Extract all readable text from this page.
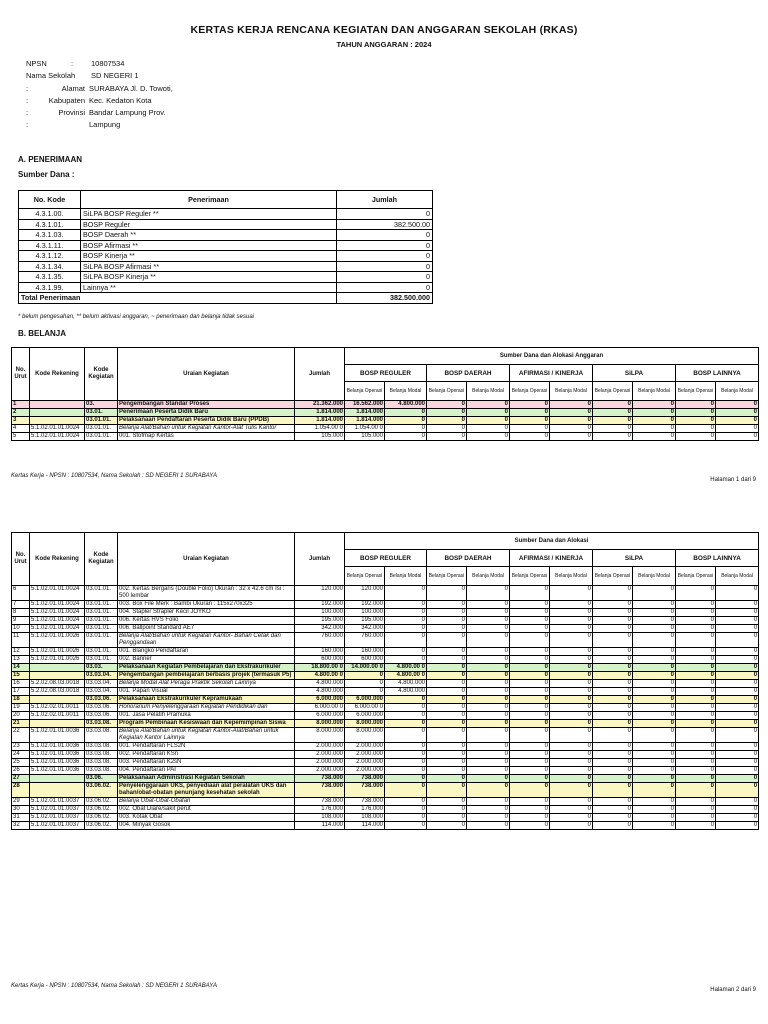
KERTAS KERJA RENCANA KEGIATAN DAN ANGGARAN SEKOLAH (RKAS)
TAHUN ANGGARAN : 2024
NPSN	:	10807534
Nama Sekolah	SD NEGERI 1
:	Alamat SURABAYA Jl. D. Towoti,
:	Kabupaten Kec. Kedaton Kota
:	Provinsi Bandar Lampung Prov.
:	Lampung
A. PENERIMAAN
Sumber Dana :
No. Kode	Penerimaan	Jumlah
4.3.1.00.	SiLPA BOSP Reguler **	0
4.3.1.01.	BOSP Reguler	382.500.00
4.3.1.03.	BOSP Daerah **	0
4.3.1.11.	BOSP Afirmasi **	0
4.3.1.12.	BOSP Kinerja **	0
4.3.1.34.	SiLPA BOSP Afirmasi **	0
4.3.1.35.	SiLPA BOSP Kinerja **	0
4.3.1.99.	Lainnya **	0
Total Penerimaan		382.500.000
* belum pengesahan, ** belum aktivasi anggaran, ~ penerimaan dan belanja tidak sesuai
B. BELANJA
No. Urut	Kode Rekening	Kode Kegiatan	Uraian Kegiatan	Jumlah	Sumber Dana dan Alokasi Anggaran									
					BOSP REGULER		BOSP DAERAH		AFIRMASI / KINERJA		SiLPA		BOSP LAINNYA	
					Belanja Operasi	Belanja Modal	Belanja Operasi	Belanja Modal	Belanja Operasi	Belanja Modal	Belanja Operasi	Belanja Modal	Belanja Operasi	Belanja Modal
1		03.	Pengembangan Standar Proses	21.362.000	16.562.000	4.800.000	0	0	0	0	0	0	0	0
2		03.01.	Penerimaan Peserta Didik Baru	1.814.000	1.814.000	0	0	0	0	0	0	0	0	0
3		03.01.01.	Pelaksanaan Pendaftaran Peserta Didik Baru (PPDB)	1.814.000	1.814.000	0	0	0	0	0	0	0	0	0
4	5.1.02.01.01.0024	03.01.01.	Belanja Alat/Bahan untuk Kegiatan Kantor-Alat Tulis Kantor	1.054.00 0	1.054.00 0	0	0	0	0	0	0	0	0	0
5	5.1.02.01.01.0024	03.01.01.	001. Stofmap Kertas	105.000	105.000	0	0	0	0	0	0	0	0	0
Kertas Kerja - NPSN : 10807534, Nama Sekolah : SD NEGERI 1 SURABAYA
Halaman 1 dari 9
No. Urut	Kode Rekening	Kode Kegiatan	Uraian Kegiatan	Jumlah	Sumber Dana dan Alokasi									
					BOSP REGULER		BOSP DAERAH		AFIRMASI / KINERJA		SiLPA		BOSP LAINNYA	
					Belanja Operasi	Belanja Modal	Belanja Operasi	Belanja Modal	Belanja Operasi	Belanja Modal	Belanja Operasi	Belanja Modal	Belanja Operasi	Belanja Modal
6	5.1.02.01.01.0024	03.01.01.	002. Kertas Bergaris (Double Folio) Ukuran : 32 x 42.6 cm Isi : 500 lembar	120.000	120.000	0	0	0	0	0	0	0	0	0
7	5.1.02.01.01.0024	03.01.01.	003. Box File Merk : Bambi Ukuran : 115x270x325	192.000	192.000	0	0	0	0	0	0	0	0	0
8	5.1.02.01.01.0024	03.01.01.	004. Stapler Strapler Kecil JOYKO	100.000	100.000	0	0	0	0	0	0	0	0	0
9	5.1.02.01.01.0024	03.01.01.	006. Kertas HVS Folio	195.000	195.000	0	0	0	0	0	0	0	0	0
10	5.1.02.01.01.0024	03.01.01.	006. Ballpoint Standard AE7	342.000	342.000	0	0	0	0	0	0	0	0	0
11	5.1.02.01.01.0026	03.01.01.	Belanja Alat/Bahan untuk Kegiatan Kantor- Bahan Cetak dan Penggandaan	760.000	760.000	0	0	0	0	0	0	0	0	0
12	5.1.02.01.01.0026	03.01.01.	001. Blangko Pendaftaran	160.000	160.000	0	0	0	0	0	0	0	0	0
13	5.1.02.01.01.0026	03.01.01.	002. Banner	600.000	600.000	0	0	0	0	0	0	0	0	0
14		03.03.	Pelaksanaan Kegiatan Pembelajaran dan Ekstrakurikuler	18.800.00 0	14.000.00 0	4.800.00 0	0	0	0	0	0	0	0	0
15		03.03.04.	Pengembangan pembelajaran berbasis projek (termasuk P5)	4.800.00 0	0	4.800.00 0	0	0	0	0	0	0	0	0
16	5.2.02.08.03.0018	03.03.04.	Belanja Modal Alat Peraga Praktik Sekolah Lainnya	4.800.000	0	4.800.000	0	0	0	0	0	0	0	0
17	5.2.02.08.03.0018	03.03.04.	001. Papan Visual	4.800.000	0	4.800.000	0	0	0	0	0	0	0	0
18		03.03.06.	Pelaksanaan Ekstrakurikuler Kepramukaan	6.000.000	6.000.000	0	0	0	0	0	0	0	0	0
19	5.1.02.02.01.0011	03.03.06.	Honorarium Penyelenggaraan Kegiatan Pendidikan dan	6.000.00 0	6.000.00 0	0	0	0	0	0	0	0	0	0
20	5.1.02.02.01.0011	03.03.06.	001. Jasa Pelatih Pramuka	6.000.000	6.000.000	0	0	0	0	0	0	0	0	0
21		03.03.08.	Program Pembinaan Kesiswaan dan Kepemimpinan Siswa	8.000.000	8.000.000	0	0	0	0	0	0	0	0	0
22	5.1.02.01.01.0036	03.03.08.	Belanja Alat/Bahan untuk Kegiatan Kantor-Alat/Bahan untuk Kegiatan Kantor Lainnya	8.000.000	8.000.000	0	0	0	0	0	0	0	0	0
23	5.1.02.01.01.0036	03.03.08.	001. Pendaftaran FLS2N	2.000.000	2.000.000	0	0	0	0	0	0	0	0	0
24	5.1.02.01.01.0036	03.03.08.	002. Pendaftaran KSn	2.000.000	2.000.000	0	0	0	0	0	0	0	0	0
25	5.1.02.01.01.0036	03.03.08.	003. Pendaftaran K2sN	2.000.000	2.000.000	0	0	0	0	0	0	0	0	0
26	5.1.02.01.01.0036	03.03.08.	004. Pendaftaran PAI	2.000.000	2.000.000	0	0	0	0	0	0	0	0	0
27		03.06.	Pelaksanaan Administrasi Kegiatan Sekolah	738.000	738.000	0	0	0	0	0	0	0	0	0
28		03.06.02.	Penyelenggaraan UKS, penyediaan alat peralatan UKS dan bahan/obat-obatan penunjang kesehatan sekolah	738.000	738.000	0	0	0	0	0	0	0	0	0
29	5.1.02.01.01.0037	03.06.02.	Belanja Obat-Obat-Obatan	738.000	738.000	0	0	0	0	0	0	0	0	0
30	5.1.02.01.01.0037	03.06.02.	002. Obat Diare/sakit perut	176.000	176.000	0	0	0	0	0	0	0	0	0
31	5.1.02.01.01.0037	03.06.02.	003. Kotak Obat	108.000	108.000	0	0	0	0	0	0	0	0	0
32	5.1.02.01.01.0037	03.06.02.	004. Minyak Gosok	114.000	114.000	0	0	0	0	0	0	0	0	0
Kertas Kerja - NPSN : 10807534, Nama Sekolah : SD NEGERI 1 SURABAYA
Halaman 2 dari 9
